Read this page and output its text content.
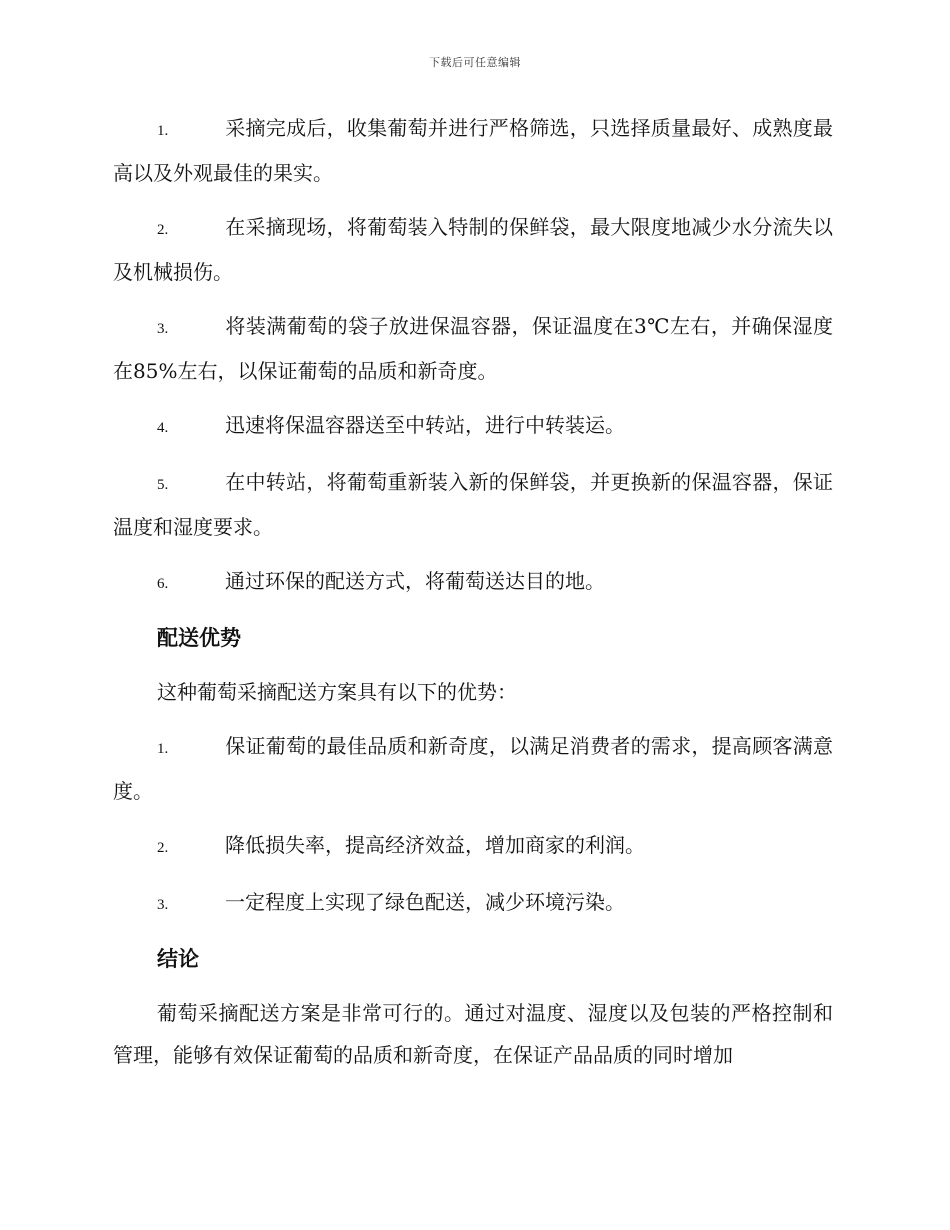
下载后可任意编辑
1.	采摘完成后，收集葡萄并进行严格筛选，只选择质量最好、成熟度最高以及外观最佳的果实。
2.	在采摘现场，将葡萄装入特制的保鲜袋，最大限度地减少水分流失以及机械损伤。
3.	将装满葡萄的袋子放进保温容器，保证温度在3℃左右，并确保湿度在85%左右，以保证葡萄的品质和新奇度。
4.	迅速将保温容器送至中转站，进行中转装运。
5.	在中转站，将葡萄重新装入新的保鲜袋，并更换新的保温容器，保证温度和湿度要求。
6.	通过环保的配送方式，将葡萄送达目的地。
配送优势
这种葡萄采摘配送方案具有以下的优势：
1.	保证葡萄的最佳品质和新奇度，以满足消费者的需求，提高顾客满意度。
2.	降低损失率，提高经济效益，增加商家的利润。
3.	一定程度上实现了绿色配送，减少环境污染。
结论
葡萄采摘配送方案是非常可行的。通过对温度、湿度以及包装的严格控制和管理，能够有效保证葡萄的品质和新奇度，在保证产品品质的同时增加
